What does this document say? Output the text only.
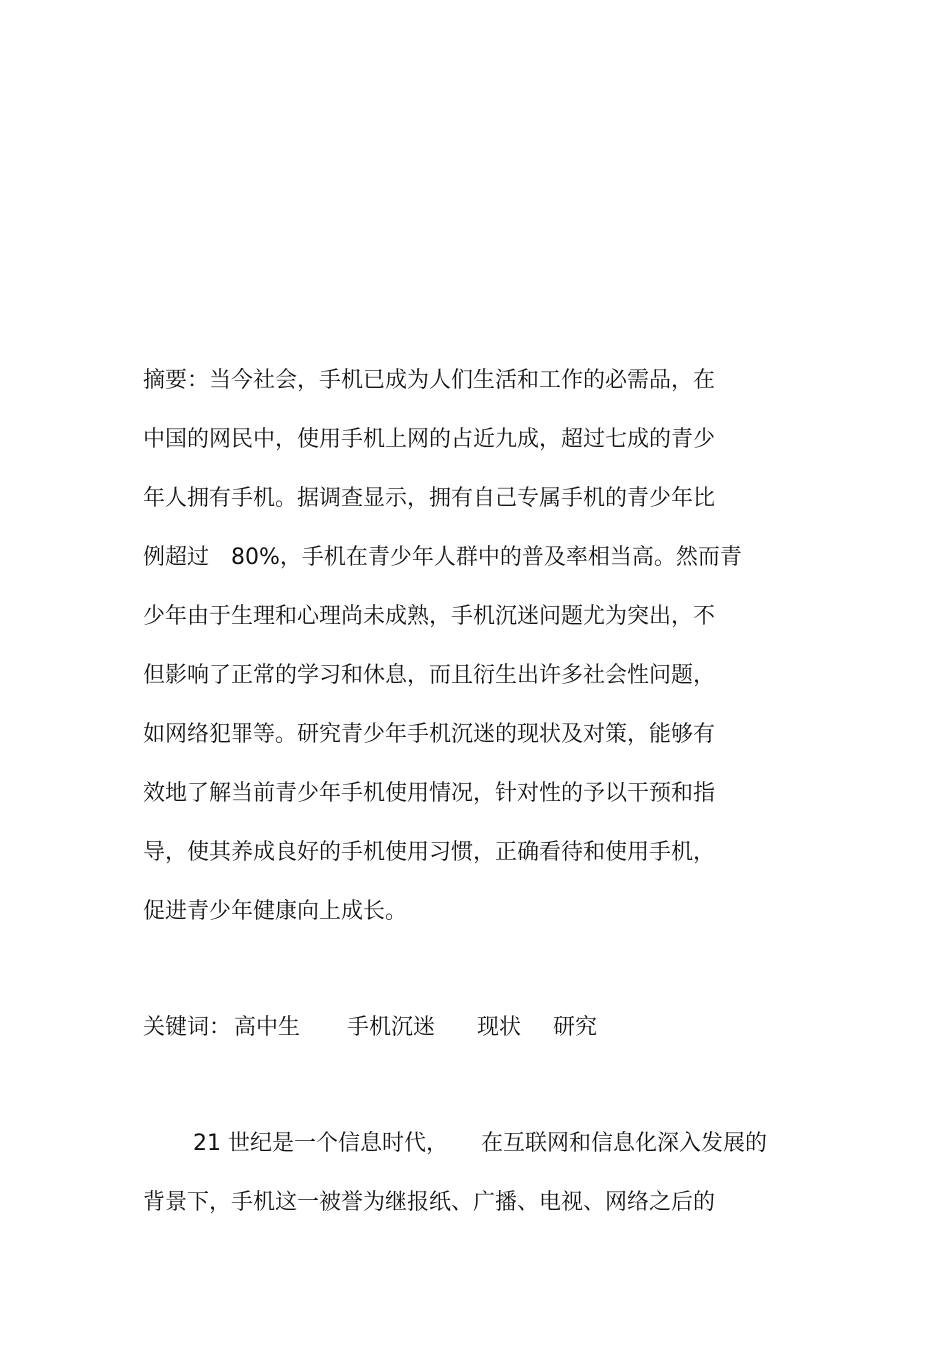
摘要：当今社会，手机已成为人们生活和工作的必需品，在
中国的网民中，使用手机上网的占近九成，超过七成的青少
年人拥有手机。据调查显示，拥有自己专属手机的青少年比
例超过　80%，手机在青少年人群中的普及率相当高。然而青
少年由于生理和心理尚未成熟，手机沉迷问题尤为突出，不
但影响了正常的学习和休息，而且衍生出许多社会性问题，
如网络犯罪等。研究青少年手机沉迷的现状及对策，能够有
效地了解当前青少年手机使用情况，针对性的予以干预和指
导，使其养成良好的手机使用习惯，正确看待和使用手机，
促进青少年健康向上成长。
关键词： 高中生 手机沉迷 现状 研究
21 世纪是一个信息时代，　　在互联网和信息化深入发展的
背景下，手机这一被誉为继报纸、广播、电视、网络之后的
